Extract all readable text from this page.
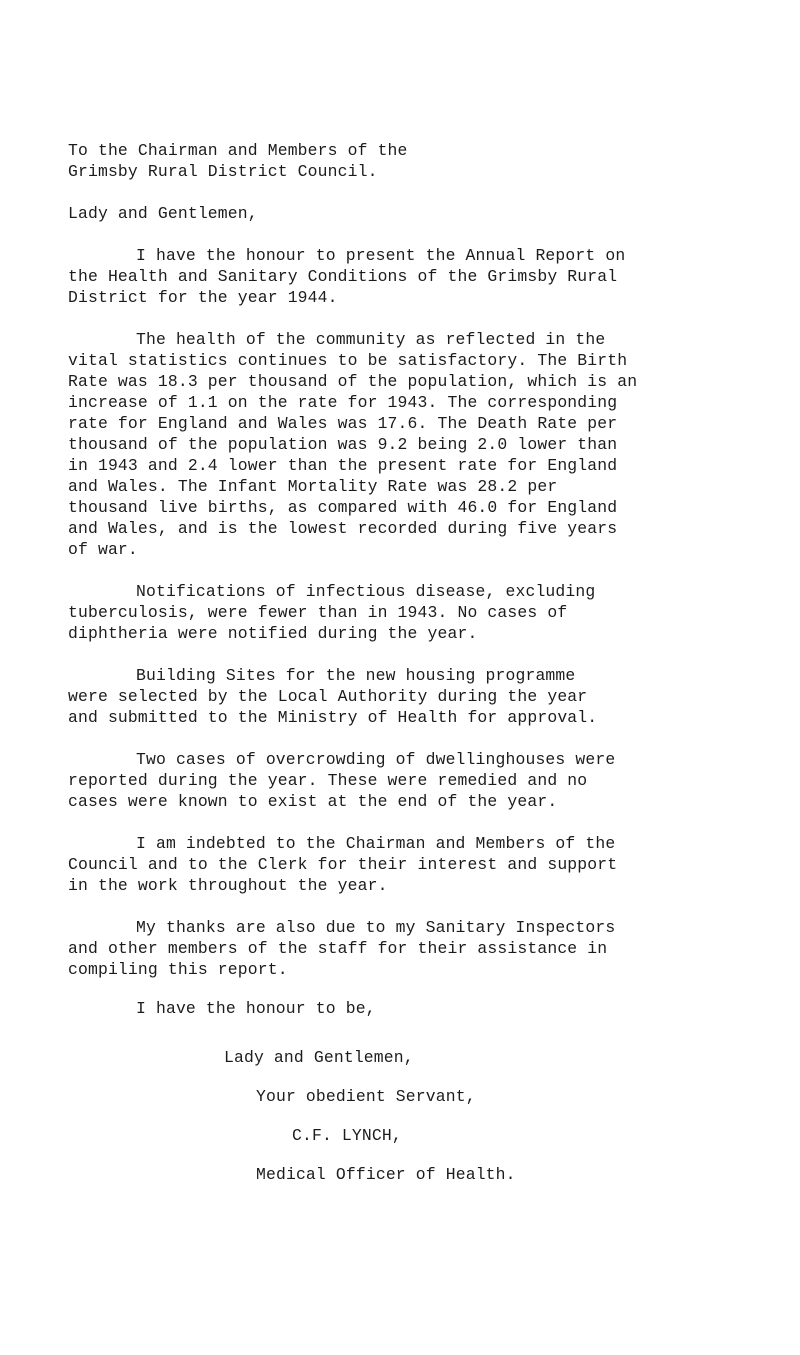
To the Chairman and Members of the
Grimsby Rural District Council.
Lady and Gentlemen,
I have the honour to present the Annual Report on
the Health and Sanitary Conditions of the Grimsby Rural
District for the year 1944.
The health of the community as reflected in the
vital statistics continues to be satisfactory. The Birth
Rate was 18.3 per thousand of the population, which is an
increase of 1.1 on the rate for 1943. The corresponding
rate for England and Wales was 17.6. The Death Rate per
thousand of the population was 9.2 being 2.0 lower than
in 1943 and 2.4 lower than the present rate for England
and Wales. The Infant Mortality Rate was 28.2 per
thousand live births, as compared with 46.0 for England
and Wales, and is the lowest recorded during five years
of war.
Notifications of infectious disease, excluding
tuberculosis, were fewer than in 1943. No cases of
diphtheria were notified during the year.
Building Sites for the new housing programme
were selected by the Local Authority during the year
and submitted to the Ministry of Health for approval.
Two cases of overcrowding of dwellinghouses were
reported during the year. These were remedied and no
cases were known to exist at the end of the year.
I am indebted to the Chairman and Members of the
Council and to the Clerk for their interest and support
in the work throughout the year.
My thanks are also due to my Sanitary Inspectors
and other members of the staff for their assistance in
compiling this report.
I have the honour to be,
Lady and Gentlemen,
Your obedient Servant,
C.F. LYNCH,
Medical Officer of Health.
